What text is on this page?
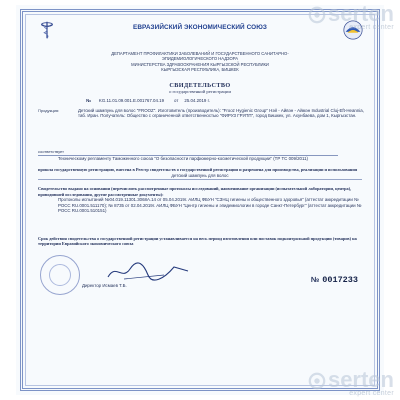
serten
expert center
ЕВРАЗИЙСКИЙ ЭКОНОМИЧЕСКИЙ СОЮЗ
ДЕПАРТАМЕНТ ПРОФИЛАКТИКИ ЗАБОЛЕВАНИЙ И ГОСУДАРСТВЕННОГО САНИТАРНО-
ЭПИДЕМИОЛОГИЧЕСКОГО НАДЗОРА
МИНИСТЕРСТВА ЗДРАВООХРАНЕНИЯ КЫРГЫЗСКОЙ РЕСПУБЛИКИ
КЫРГЫЗСКАЯ РЕСПУБЛИКА, БИШКЕК
СВИДЕТЕЛЬСТВО
о государственной регистрации
№ KG.11.01.09.001.E.001767.04.19 от 25.04.2019 г.
Продукция:	Детский шампунь для волос "FROOZ". Изготовитель (производитель): "Frooz Hygienic Group" Нэй - Айвэн - Аймэн Industrial Cluj-Eft-Heannia, таб. Иран. Получатель: Общество с ограниченной ответственностью "ФИРУЗ ГРУПП", город Бишкек, ул. Ахунбаева, дом 1, Кыргызстан.
соответствует
Техническому регламенту Таможенного союза "О безопасности парфюмерно-косметической продукции" (ТР ТС 009/2011)
прошла государственную регистрацию, внесена в Реестр свидетельств о государственной регистрации и разрешена для производства, реализации и использования
детский шампунь для волос
Свидетельство выдано на основании (перечислить рассмотренные протоколы исследований, наименование организации (испытательной лаборатории, центра), проводившей исследования, другие рассмотренные документы):
Протоколы испытаний №04.019.11301.3068A.14 от 05.04.2019г. АИЛЦ ФБУН "СЗНЦ гигиены и общественного здоровья" (аттестат аккредитации № РОСС RU.0001.511170); № 8735 от 02.04.2019г. АИЛЦ ФБУН "Центр гигиены и эпидемиологии в городе Санкт-Петербург" (аттестат аккредитации № РОСС RU.0001.510151)
Срок действия свидетельства о государственной регистрации устанавливается на весь период изготовления или поставок подконтрольной продукции (товаров) на территории Евразийского экономического союза
Директор Исмаев Т.Б.
№ 0017233
serten
expert center
